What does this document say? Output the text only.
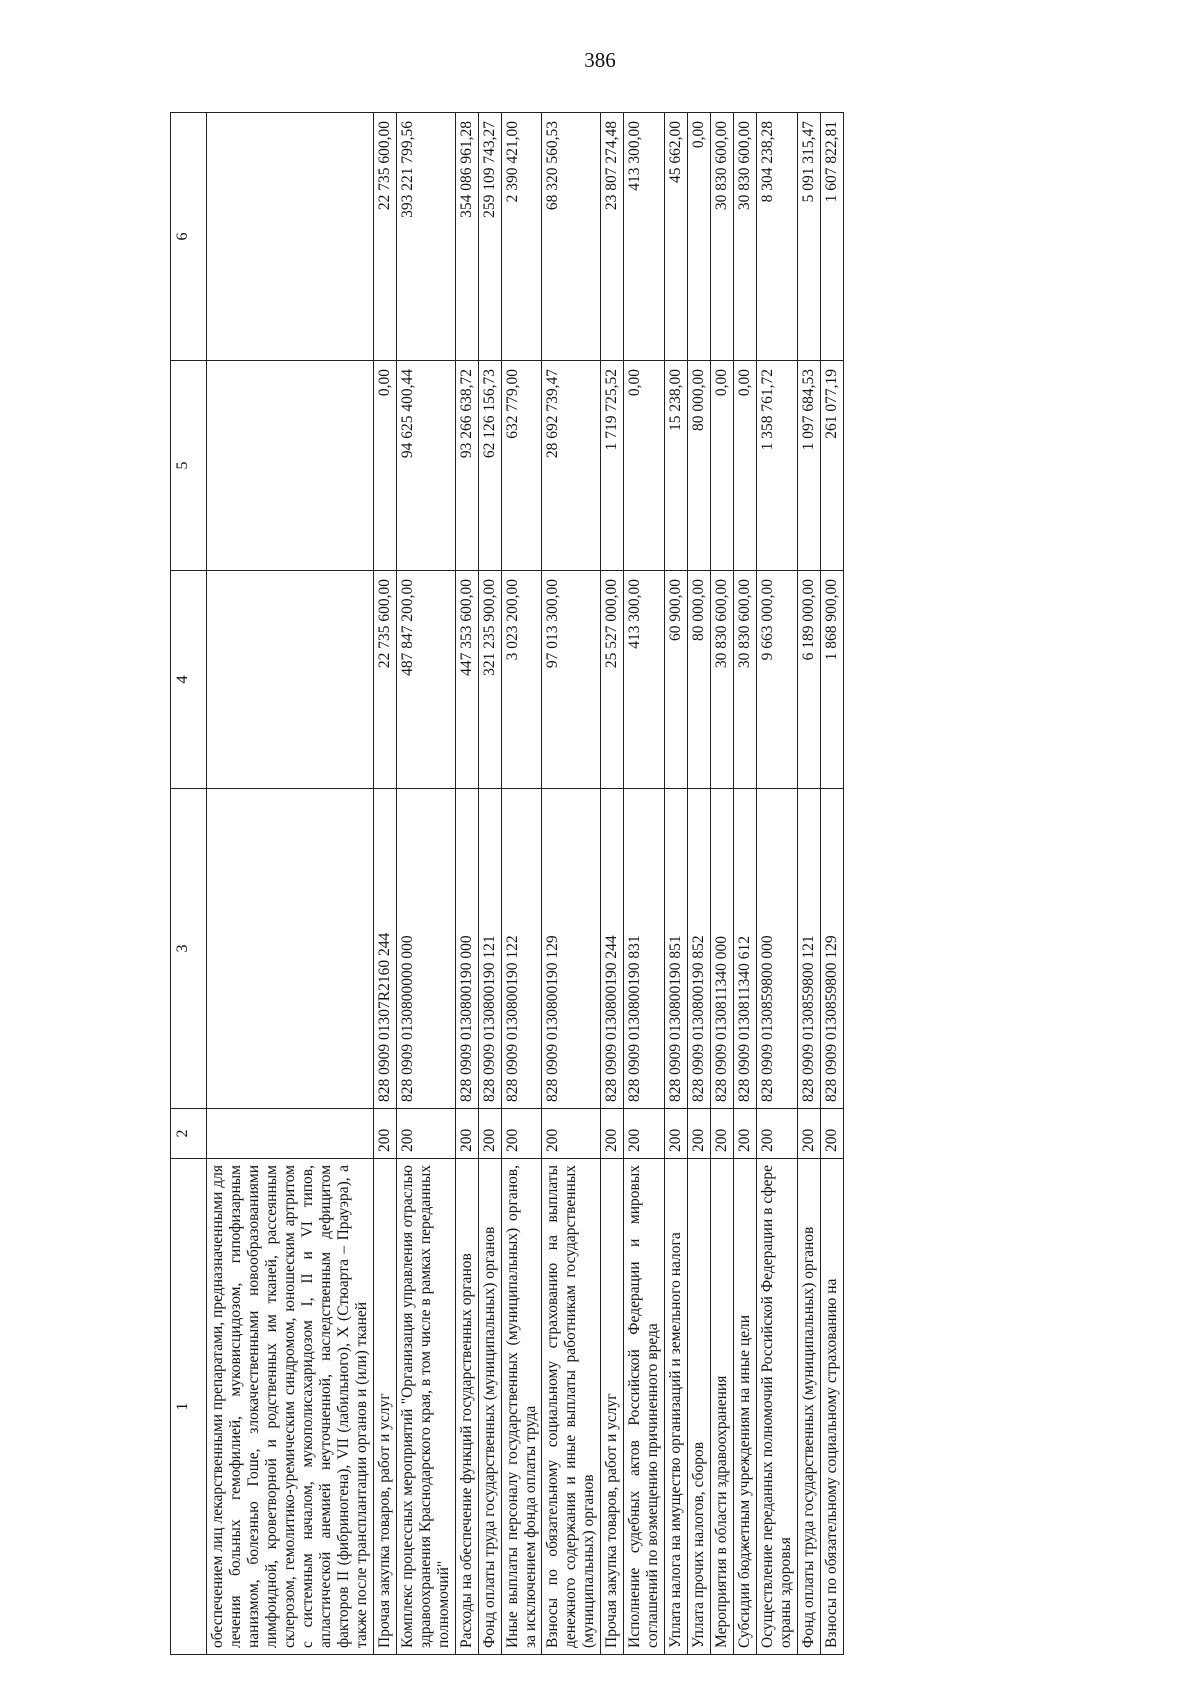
386
1	2	3	4	5	6
обеспечением лиц лекарственными препаратами, предназначенными для лечения больных гемофилией, муковисцидозом, гипофизарным нанизмом, болезнью Гоше, злокачественными новообразованиями лимфоидной, кроветворной и родственных им тканей, рассеянным склерозом, гемолитико-уремическим синдромом, юношеским артритом с системным началом, мукополисахаридозом I, II и VI типов, апластической анемией неуточненной, наследственным дефицитом факторов II (фибриногена), VII (лабильного), X (Стюарта – Прауэра), а также после трансплантации органов и (или) тканей					
Прочая закупка товаров, работ и услуг	200	828 0909 01307R2160 244	22 735 600,00	0,00	22 735 600,00
Комплекс процессных мероприятий "Организация управления отраслью здравоохранения Краснодарского края, в том числе в рамках переданных полномочий"	200	828 0909 0130800000 000	487 847 200,00	94 625 400,44	393 221 799,56
Расходы на обеспечение функций государственных органов	200	828 0909 0130800190 000	447 353 600,00	93 266 638,72	354 086 961,28
Фонд оплаты труда государственных (муниципальных) органов	200	828 0909 0130800190 121	321 235 900,00	62 126 156,73	259 109 743,27
Иные выплаты персоналу государственных (муниципальных) органов, за исключением фонда оплаты труда	200	828 0909 0130800190 122	3 023 200,00	632 779,00	2 390 421,00
Взносы по обязательному социальному страхованию на выплаты денежного содержания и иные выплаты работникам государственных (муниципальных) органов	200	828 0909 0130800190 129	97 013 300,00	28 692 739,47	68 320 560,53
Прочая закупка товаров, работ и услуг	200	828 0909 0130800190 244	25 527 000,00	1 719 725,52	23 807 274,48
Исполнение судебных актов Российской Федерации и мировых соглашений по возмещению причиненного вреда	200	828 0909 0130800190 831	413 300,00	0,00	413 300,00
Уплата налога на имущество организаций и земельного налога	200	828 0909 0130800190 851	60 900,00	15 238,00	45 662,00
Уплата прочих налогов, сборов	200	828 0909 0130800190 852	80 000,00	80 000,00	0,00
Мероприятия в области здравоохранения	200	828 0909 0130811340 000	30 830 600,00	0,00	30 830 600,00
Субсидии бюджетным учреждениям на иные цели	200	828 0909 0130811340 612	30 830 600,00	0,00	30 830 600,00
Осуществление переданных полномочий Российской Федерации в сфере охраны здоровья	200	828 0909 0130859800 000	9 663 000,00	1 358 761,72	8 304 238,28
Фонд оплаты труда государственных (муниципальных) органов	200	828 0909 0130859800 121	6 189 000,00	1 097 684,53	5 091 315,47
Взносы по обязательному социальному страхованию на	200	828 0909 0130859800 129	1 868 900,00	261 077,19	1 607 822,81
